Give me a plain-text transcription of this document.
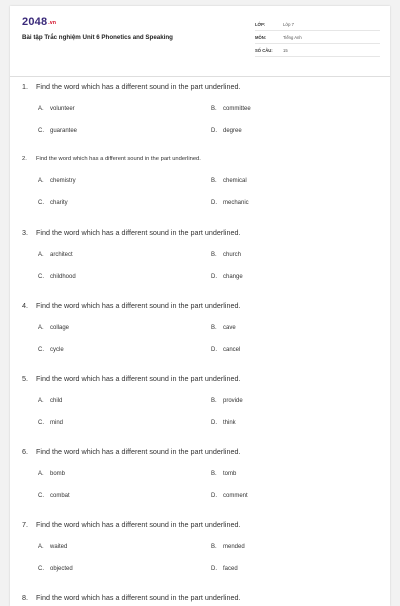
2048.vn
Bài tập Trắc nghiệm Unit 6 Phonetics and Speaking
LỚP:	Lớp 7
MÔN:	Tiếng Anh
SỐ CÂU:	15
1. Find the word which has a different sound in the part underlined.
A. volunteer	B. committee
C. guarantee	D. degree
2. Find the word which has a different sound in the part underlined.
A. chemistry	B. chemical
C. charity	D. mechanic
3. Find the word which has a different sound in the part underlined.
A. architect	B. church
C. childhood	D. change
4. Find the word which has a different sound in the part underlined.
A. collage	B. cave
C. cycle	D. cancel
5. Find the word which has a different sound in the part underlined.
A. child	B. provide
C. mind	D. think
6. Find the word which has a different sound in the part underlined.
A. bomb	B. tomb
C. combat	D. comment
7. Find the word which has a different sound in the part underlined.
A. waited	B. mended
C. objected	D. faced
8. Find the word which has a different sound in the part underlined.
